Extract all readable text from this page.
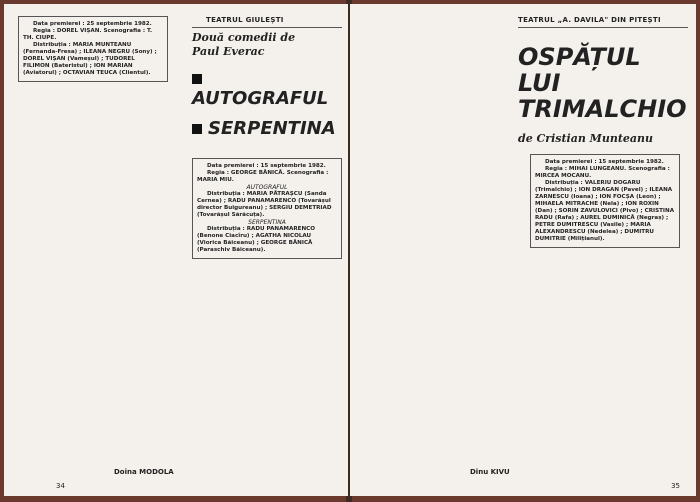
Data premierei : 25 septembrie 1982.
Regia : DOREL VIȘAN. Scenografia : T. TH. CIUPE.
Distribuția : MARIA MUNTEANU (Fernanda-Fresa) ; ILEANA NEGRU (Sony) ; DOREL VIȘAN (Vameșul) ; TUDOREL FILIMON (Bateristul) ; ION MARIAN (Aviatorul) ; OCTAVIAN TEUCA (Clientul).
TEATRUL GIULEȘTI
Două comedii de Paul Everac
AUTOGRAFUL
SERPENTINA
Data premierei : 15 septembrie 1982.
Regia : GEORGE BĂNICĂ. Scenografia : MARIA MIU.
AUTOGRAFUL
Distribuția : MARIA PĂTRAȘCU (Sanda Cernea) ; RADU PANAMARENCO (Tovarășul director Buigureanu) ; SERGIU DEMETRIAD (Tovarășul Sărăcuța).
SERPENTINA
Distribuția : RADU PANAMARENCO (Benone Ciacîru) ; AGATHA NICOLAU (Viorica Băiceanu) ; GEORGE BĂNICĂ (Paraschiv Băiceanu).
Doina MODOLA
34
TEATRUL „A. DAVILA" DIN PITEȘTI
OSPĂȚUL LUI TRIMALCHIO
de Cristian Munteanu
Data premierei : 15 septembrie 1982.
Regia : MIHAI LUNGEANU. Scenografia : MIRCEA MOCANU.
Distribuția : VALERIU DOGARU (Trimalchio) ; ION DRAGAN (Pavel) ; ILEANA ZARNESCU (Ioana) ; ION FOCȘA (Leon) ; MIHAELA MITRACHE (Nela) ; ION ROXIN (Dan) ; SORIN ZAVULOVICI (Pivo) ; CRISTINA RADU (Rafa) ; AUREL DUMINICĂ (Negraș) ; PETRE DUMITRESCU (Vasile) ; MARIA ALEXANDRESCU (Nedelea) ; DUMITRU DUMITRIE (Milițianul).
Dinu KIVU
35
